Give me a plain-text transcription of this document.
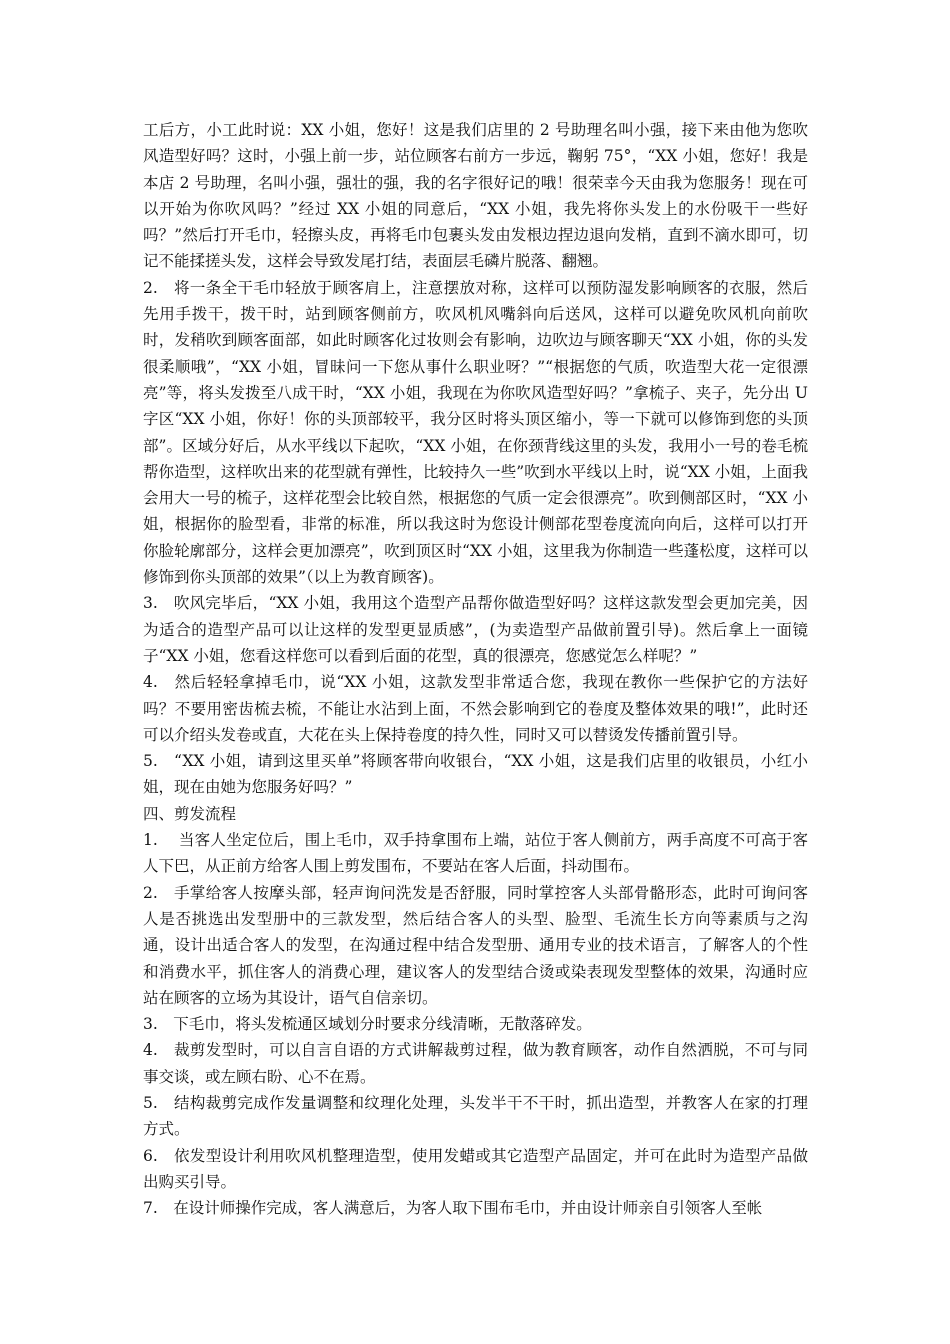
工后方，小工此时说：XX 小姐，您好！这是我们店里的 2 号助理名叫小强，接下来由他为您吹风造型好吗？这时，小强上前一步，站位顾客右前方一步远，鞠躬 75°，“XX 小姐，您好！我是本店 2 号助理，名叫小强，强壮的强，我的名字很好记的哦！很荣幸今天由我为您服务！现在可以开始为你吹风吗？”经过 XX 小姐的同意后，“XX 小姐，我先将你头发上的水份吸干一些好吗？”然后打开毛巾，轻擦头皮，再将毛巾包裹头发由发根边捏边退向发梢，直到不滴水即可，切记不能揉搓头发，这样会导致发尾打结，表面层毛磷片脱落、翻翘。

2.　将一条全干毛巾轻放于顾客肩上，注意摆放对称，这样可以预防湿发影响顾客的衣服，然后先用手拨干，拨干时，站到顾客侧前方，吹风机风嘴斜向后送风，这样可以避免吹风机向前吹时，发稍吹到顾客面部，如此时顾客化过妆则会有影响，边吹边与顾客聊天“XX 小姐，你的头发很柔顺哦”，“XX 小姐，冒昧问一下您从事什么职业呀？”“根据您的气质，吹造型大花一定很漂亮”等，将头发拨至八成干时，“XX 小姐，我现在为你吹风造型好吗？”拿梳子、夹子，先分出 U 字区“XX 小姐，你好！你的头顶部较平，我分区时将头顶区缩小，等一下就可以修饰到您的头顶部”。区域分好后，从水平线以下起吹，“XX 小姐，在你颈背线这里的头发，我用小一号的卷毛梳帮你造型，这样吹出来的花型就有弹性，比较持久一些”吹到水平线以上时，说“XX 小姐，上面我会用大一号的梳子，这样花型会比较自然，根据您的气质一定会很漂亮”。吹到侧部区时，“XX 小姐，根据你的脸型看，非常的标准，所以我这时为您设计侧部花型卷度流向向后，这样可以打开你脸轮廓部分，这样会更加漂亮”，吹到顶区时“XX 小姐，这里我为你制造一些蓬松度，这样可以修饰到你头顶部的效果”（以上为教育顾客)。

3.　吹风完毕后，“XX 小姐，我用这个造型产品帮你做造型好吗？这样这款发型会更加完美，因为适合的造型产品可以让这样的发型更显质感”，(为卖造型产品做前置引导)。然后拿上一面镜子“XX 小姐，您看这样您可以看到后面的花型，真的很漂亮，您感觉怎么样呢？”

4.　然后轻轻拿掉毛巾，说“XX 小姐，这款发型非常适合您，我现在教你一些保护它的方法好吗？不要用密齿梳去梳，不能让水沾到上面，不然会影响到它的卷度及整体效果的哦!”，此时还可以介绍头发卷或直，大花在头上保持卷度的持久性，同时又可以替烫发传播前置引导。

5.　“XX 小姐，请到这里买单”将顾客带向收银台，“XX 小姐，这是我们店里的收银员，小红小姐，现在由她为您服务好吗？”

四、剪发流程

1.　 当客人坐定位后，围上毛巾，双手持拿围布上端，站位于客人侧前方，两手高度不可高于客人下巴，从正前方给客人围上剪发围布，不要站在客人后面，抖动围布。

2.　手掌给客人按摩头部，轻声询问洗发是否舒服，同时掌控客人头部骨骼形态，此时可询问客人是否挑选出发型册中的三款发型，然后结合客人的头型、脸型、毛流生长方向等素质与之沟通，设计出适合客人的发型，在沟通过程中结合发型册、通用专业的技术语言，了解客人的个性和消费水平，抓住客人的消费心理，建议客人的发型结合烫或染表现发型整体的效果，沟通时应站在顾客的立场为其设计，语气自信亲切。

3.　下毛巾，将头发梳通区域划分时要求分线清晰，无散落碎发。

4.　裁剪发型时，可以自言自语的方式讲解裁剪过程，做为教育顾客，动作自然洒脱，不可与同事交谈，或左顾右盼、心不在焉。

5.　结构裁剪完成作发量调整和纹理化处理，头发半干不干时，抓出造型，并教客人在家的打理方式。

6.　依发型设计利用吹风机整理造型，使用发蜡或其它造型产品固定，并可在此时为造型产品做出购买引导。

7.　在设计师操作完成，客人满意后，为客人取下围布毛巾，并由设计师亲自引领客人至帐
